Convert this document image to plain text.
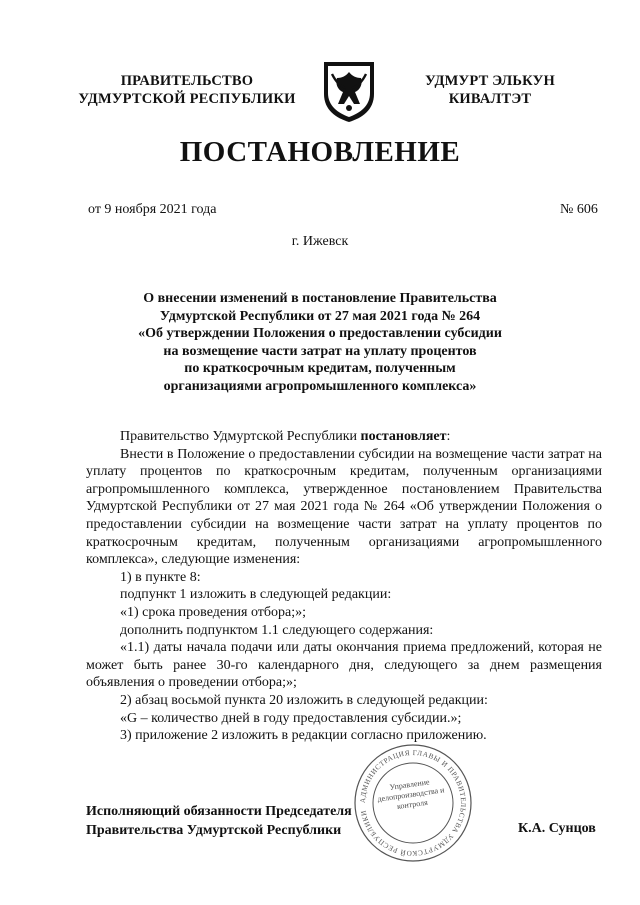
ПРАВИТЕЛЬСТВО
УДМУРТСКОЙ РЕСПУБЛИКИ
УДМУРТ ЭЛЬКУН
КИВАЛТЭТ
ПОСТАНОВЛЕНИЕ
от 9 ноября 2021 года	№ 606
г. Ижевск
О внесении изменений в постановление Правительства
Удмуртской Республики от 27 мая 2021 года № 264
«Об утверждении Положения о предоставлении субсидии
на возмещение части затрат на уплату процентов
по краткосрочным кредитам, полученным
организациями агропромышленного комплекса»

Правительство Удмуртской Республики постановляет:

Внести в Положение о предоставлении субсидии на возмещение части затрат на уплату процентов по краткосрочным кредитам, полученным организациями агропромышленного комплекса, утвержденное постановлением Правительства Удмуртской Республики от 27 мая 2021 года № 264 «Об утверждении Положения о предоставлении субсидии на возмещение части затрат на уплату процентов по краткосрочным кредитам, полученным организациями агропромышленного комплекса», следующие изменения:

1) в пункте 8:

подпункт 1 изложить в следующей редакции:

«1) срока проведения отбора;»;

дополнить подпунктом 1.1 следующего содержания:

«1.1) даты начала подачи или даты окончания приема предложений, которая не может быть ранее 30-го календарного дня, следующего за днем размещения объявления о проведении отбора;»;

2) абзац восьмой пункта 20 изложить в следующей редакции:

«G – количество дней в году предоставления субсидии.»;

3) приложение 2 изложить в редакции согласно приложению.

АДМИНИСТРАЦИЯ ГЛАВЫ И ПРАВИТЕЛЬСТВА УДМУРТСКОЙ РЕСПУБЛИКИ
Управление делопроизводства и контроля
Исполняющий обязанности Председателя
Правительства Удмуртской Республики	К.А. Сунцов
